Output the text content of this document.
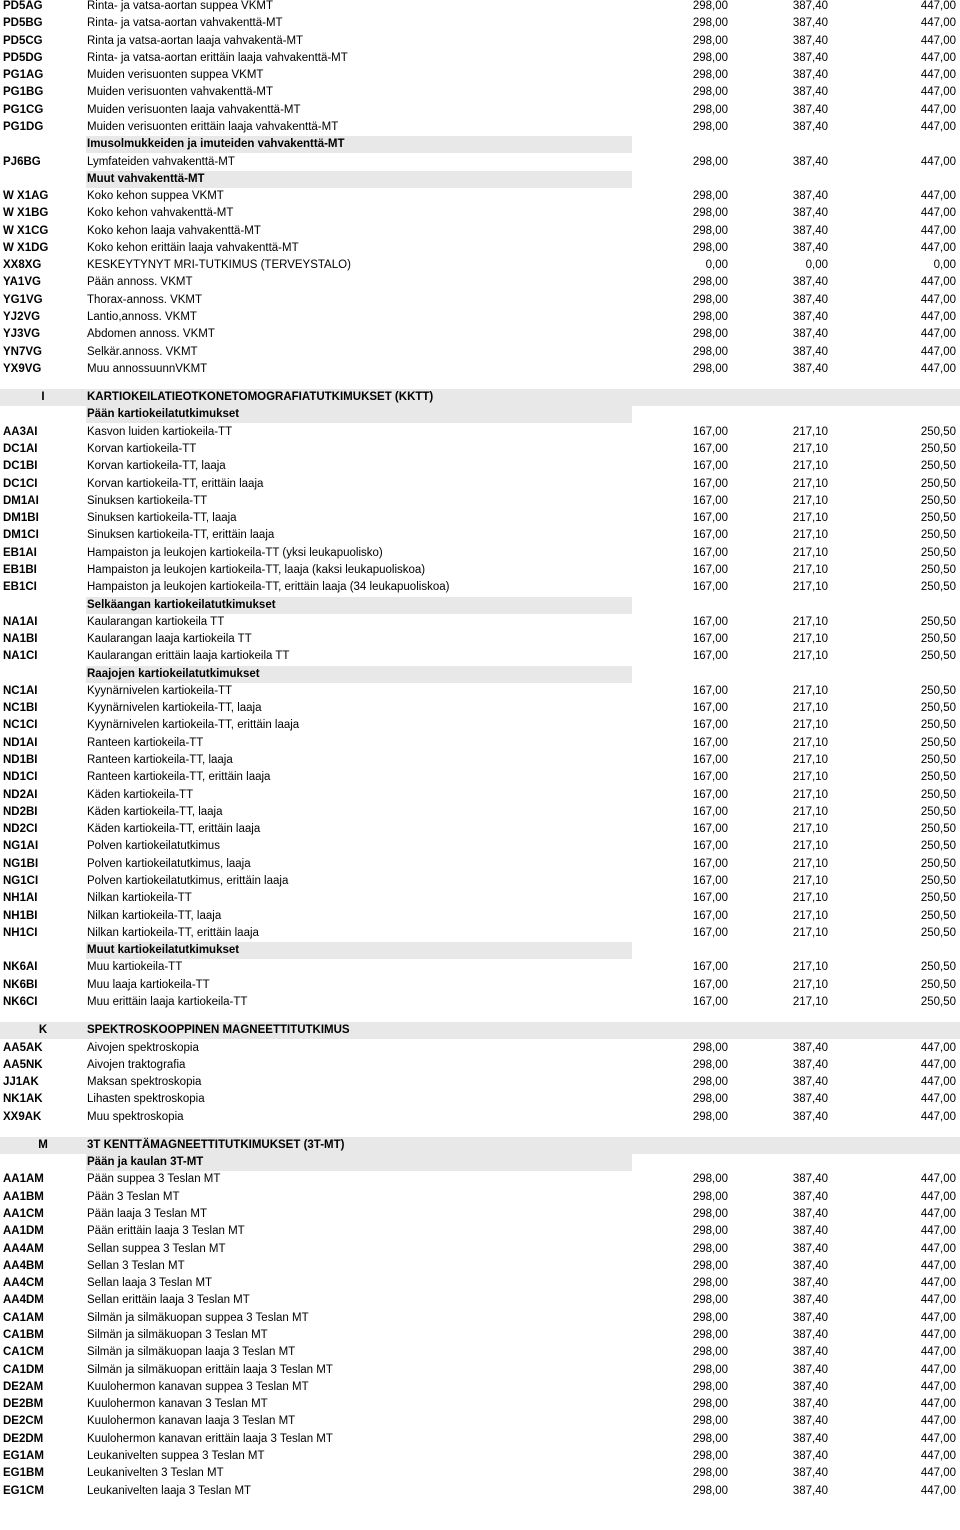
PD5AG	Rinta- ja vatsa-aortan suppea VKMT	298,00	387,40	447,00
PD5BG	Rinta- ja vatsa-aortan vahvakenttä-MT	298,00	387,40	447,00
PD5CG	Rinta ja vatsa-aortan laaja vahvakentä-MT	298,00	387,40	447,00
PD5DG	Rinta- ja vatsa-aortan erittäin laaja vahvakenttä-MT	298,00	387,40	447,00
PG1AG	Muiden verisuonten suppea VKMT	298,00	387,40	447,00
PG1BG	Muiden verisuonten vahvakenttä-MT	298,00	387,40	447,00
PG1CG	Muiden verisuonten laaja vahvakenttä-MT	298,00	387,40	447,00
PG1DG	Muiden verisuonten erittäin laaja vahvakenttä-MT	298,00	387,40	447,00
Imusolmukkeiden ja imuteiden vahvakenttä-MT
PJ6BG	Lymfateiden vahvakenttä-MT	298,00	387,40	447,00
Muut vahvakenttä-MT
W X1AG	Koko kehon suppea VKMT	298,00	387,40	447,00
W X1BG	Koko kehon vahvakenttä-MT	298,00	387,40	447,00
W X1CG	Koko kehon laaja vahvakenttä-MT	298,00	387,40	447,00
W X1DG	Koko kehon erittäin laaja vahvakenttä-MT	298,00	387,40	447,00
XX8XG	KESKEYTYNYT MRI-TUTKIMUS (TERVEYSTALO)	0,00	0,00	0,00
YA1VG	Pään annoss. VKMT	298,00	387,40	447,00
YG1VG	Thorax-annoss. VKMT	298,00	387,40	447,00
YJ2VG	Lantio,annoss. VKMT	298,00	387,40	447,00
YJ3VG	Abdomen annoss. VKMT	298,00	387,40	447,00
YN7VG	Selkär.annoss. VKMT	298,00	387,40	447,00
YX9VG	Muu annossuunnVKMT	298,00	387,40	447,00
I	KARTIOKEILATIEOTKONETOMOGRAFIATUTKIMUKSET (KKTT)
Pään kartiokeilatutkimukset
AA3AI	Kasvon luiden kartiokeila-TT	167,00	217,10	250,50
DC1AI	Korvan kartiokeila-TT	167,00	217,10	250,50
DC1BI	Korvan kartiokeila-TT, laaja	167,00	217,10	250,50
DC1CI	Korvan kartiokeila-TT, erittäin laaja	167,00	217,10	250,50
DM1AI	Sinuksen kartiokeila-TT	167,00	217,10	250,50
DM1BI	Sinuksen kartiokeila-TT, laaja	167,00	217,10	250,50
DM1CI	Sinuksen kartiokeila-TT, erittäin laaja	167,00	217,10	250,50
EB1AI	Hampaiston ja leukojen kartiokeila-TT (yksi leukapuolisko)	167,00	217,10	250,50
EB1BI	Hampaiston ja leukojen kartiokeila-TT, laaja (kaksi leukapuoliskoa)	167,00	217,10	250,50
EB1CI	Hampaiston ja leukojen kartiokeila-TT, erittäin laaja (34 leukapuoliskoa)	167,00	217,10	250,50
Selkäangan kartiokeilatutkimukset
NA1AI	Kaularangan kartiokeila TT	167,00	217,10	250,50
NA1BI	Kaularangan laaja kartiokeila TT	167,00	217,10	250,50
NA1CI	Kaularangan erittäin laaja kartiokeila TT	167,00	217,10	250,50
Raajojen kartiokeilatutkimukset
NC1AI	Kyynärnivelen kartiokeila-TT	167,00	217,10	250,50
NC1BI	Kyynärnivelen kartiokeila-TT, laaja	167,00	217,10	250,50
NC1CI	Kyynärnivelen kartiokeila-TT, erittäin laaja	167,00	217,10	250,50
ND1AI	Ranteen kartiokeila-TT	167,00	217,10	250,50
ND1BI	Ranteen kartiokeila-TT, laaja	167,00	217,10	250,50
ND1CI	Ranteen kartiokeila-TT, erittäin laaja	167,00	217,10	250,50
ND2AI	Käden kartiokeila-TT	167,00	217,10	250,50
ND2BI	Käden kartiokeila-TT, laaja	167,00	217,10	250,50
ND2CI	Käden kartiokeila-TT, erittäin laaja	167,00	217,10	250,50
NG1AI	Polven kartiokeilatutkimus	167,00	217,10	250,50
NG1BI	Polven kartiokeilatutkimus, laaja	167,00	217,10	250,50
NG1CI	Polven kartiokeilatutkimus, erittäin laaja	167,00	217,10	250,50
NH1AI	Nilkan kartiokeila-TT	167,00	217,10	250,50
NH1BI	Nilkan kartiokeila-TT, laaja	167,00	217,10	250,50
NH1CI	Nilkan kartiokeila-TT, erittäin laaja	167,00	217,10	250,50
Muut kartiokeilatutkimukset
NK6AI	Muu kartiokeila-TT	167,00	217,10	250,50
NK6BI	Muu laaja kartiokeila-TT	167,00	217,10	250,50
NK6CI	Muu erittäin laaja kartiokeila-TT	167,00	217,10	250,50
K	SPEKTROSKOOPPINEN MAGNEETTITUTKIMUS
AA5AK	Aivojen spektroskopia	298,00	387,40	447,00
AA5NK	Aivojen traktografia	298,00	387,40	447,00
JJ1AK	Maksan spektroskopia	298,00	387,40	447,00
NK1AK	Lihasten spektroskopia	298,00	387,40	447,00
XX9AK	Muu spektroskopia	298,00	387,40	447,00
M	3T KENTTÄMAGNEETTITUTKIMUKSET (3T-MT)
Pään ja kaulan 3T-MT
AA1AM	Pään suppea 3 Teslan MT	298,00	387,40	447,00
AA1BM	Pään 3 Teslan MT	298,00	387,40	447,00
AA1CM	Pään laaja 3 Teslan MT	298,00	387,40	447,00
AA1DM	Pään erittäin laaja 3 Teslan MT	298,00	387,40	447,00
AA4AM	Sellan suppea 3 Teslan MT	298,00	387,40	447,00
AA4BM	Sellan 3 Teslan MT	298,00	387,40	447,00
AA4CM	Sellan laaja 3 Teslan MT	298,00	387,40	447,00
AA4DM	Sellan erittäin laaja 3 Teslan MT	298,00	387,40	447,00
CA1AM	Silmän ja silmäkuopan suppea 3 Teslan MT	298,00	387,40	447,00
CA1BM	Silmän ja silmäkuopan 3 Teslan MT	298,00	387,40	447,00
CA1CM	Silmän ja silmäkuopan laaja 3 Teslan MT	298,00	387,40	447,00
CA1DM	Silmän ja silmäkuopan erittäin laaja 3 Teslan MT	298,00	387,40	447,00
DE2AM	Kuulohermon kanavan suppea 3 Teslan MT	298,00	387,40	447,00
DE2BM	Kuulohermon kanavan 3 Teslan MT	298,00	387,40	447,00
DE2CM	Kuulohermon kanavan laaja 3 Teslan MT	298,00	387,40	447,00
DE2DM	Kuulohermon kanavan erittäin laaja 3 Teslan MT	298,00	387,40	447,00
EG1AM	Leukanivelten suppea 3 Teslan MT	298,00	387,40	447,00
EG1BM	Leukanivelten 3 Teslan MT	298,00	387,40	447,00
EG1CM	Leukanivelten laaja 3 Teslan MT	298,00	387,40	447,00
